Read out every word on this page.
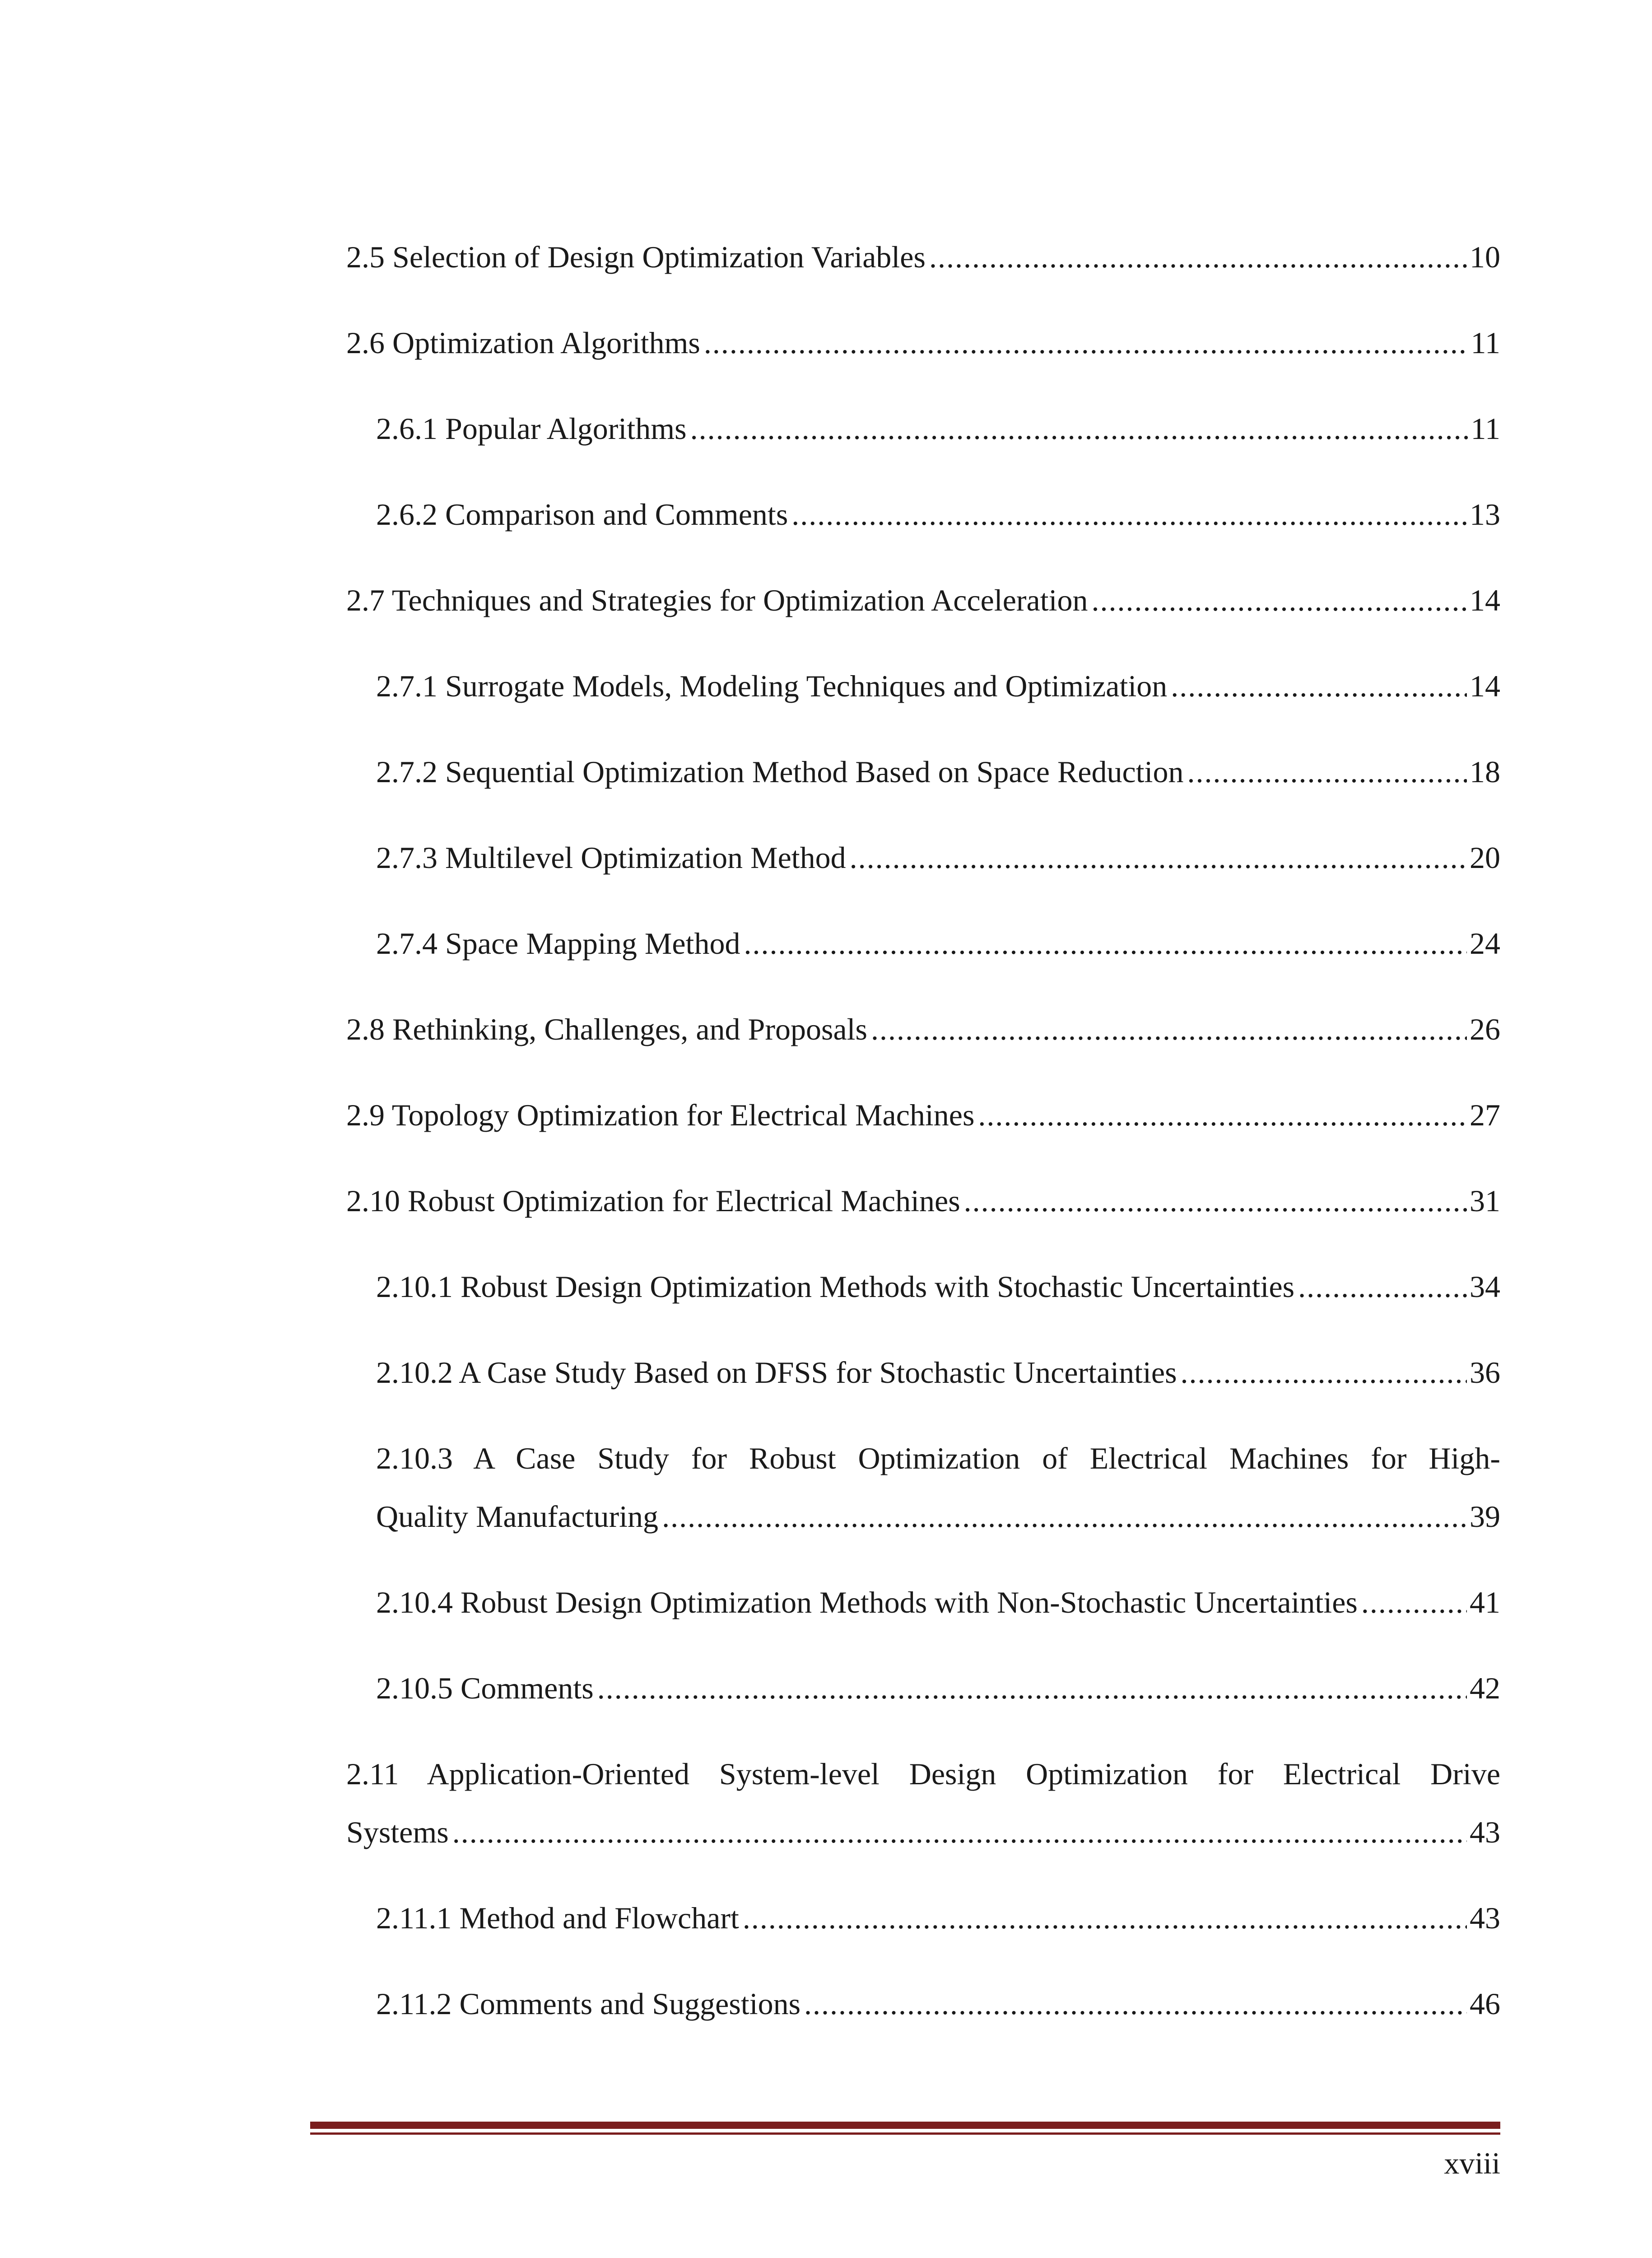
2.5 Selection of Design Optimization Variables .....	10
2.6 Optimization Algorithms .....	11
2.6.1 Popular Algorithms .....	11
2.6.2 Comparison and Comments .....	13
2.7 Techniques and Strategies for Optimization Acceleration .....	14
2.7.1 Surrogate Models, Modeling Techniques and Optimization .....	14
2.7.2 Sequential Optimization Method Based on Space Reduction .....	18
2.7.3 Multilevel Optimization Method .....	20
2.7.4 Space Mapping Method .....	24
2.8 Rethinking, Challenges, and Proposals .....	26
2.9 Topology Optimization for Electrical Machines .....	27
2.10 Robust Optimization for Electrical Machines .....	31
2.10.1 Robust Design Optimization Methods with Stochastic Uncertainties .....	34
2.10.2 A Case Study Based on DFSS for Stochastic Uncertainties .....	36
2.10.3 A Case Study for Robust Optimization of Electrical Machines for High-
Quality Manufacturing .....	39
2.10.4 Robust Design Optimization Methods with Non-Stochastic Uncertainties .....	41
2.10.5 Comments .....	42
2.11 Application-Oriented System-level Design Optimization for Electrical Drive
Systems .....	43
2.11.1 Method and Flowchart .....	43
2.11.2 Comments and Suggestions .....	46
xviii
